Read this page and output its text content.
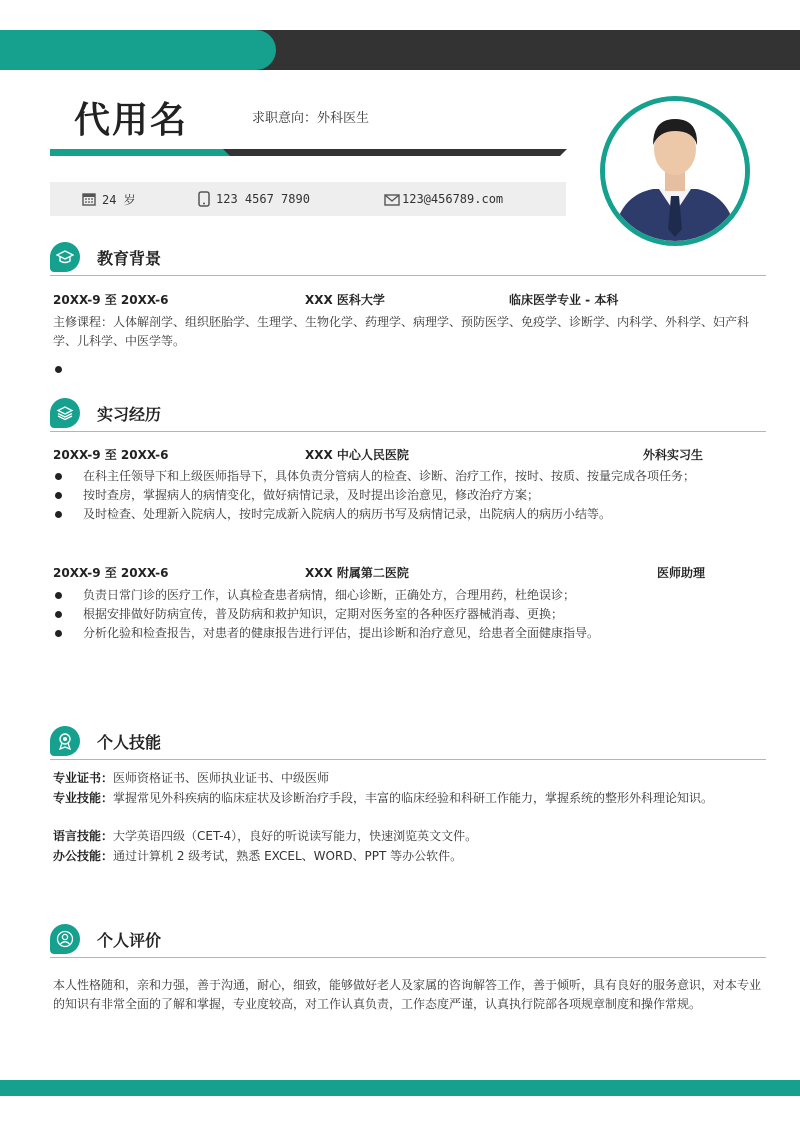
代用名	求职意向：外科医生
24 岁	123 4567 7890	123@456789.com
教育背景
20XX-9 至 20XX-6	XXX 医科大学	临床医学专业 - 本科
主修课程：人体解剖学、组织胚胎学、生理学、生物化学、药理学、病理学、预防医学、免疫学、诊断学、内科学、外科学、妇产科学、儿科学、中医学等。
实习经历
20XX-9 至 20XX-6	XXX 中心人民医院	外科实习生
在科主任领导下和上级医师指导下，具体负责分管病人的检查、诊断、治疗工作，按时、按质、按量完成各项任务；
按时查房，掌握病人的病情变化，做好病情记录，及时提出诊治意见，修改治疗方案；
及时检查、处理新入院病人，按时完成新入院病人的病历书写及病情记录，出院病人的病历小结等。
20XX-9 至 20XX-6	XXX 附属第二医院	医师助理
负责日常门诊的医疗工作，认真检查患者病情，细心诊断，正确处方，合理用药，杜绝误诊；
根据安排做好防病宣传，普及防病和救护知识，定期对医务室的各种医疗器械消毒、更换；
分析化验和检查报告，对患者的健康报告进行评估，提出诊断和治疗意见，给患者全面健康指导。
个人技能
专业证书： 医师资格证书、医师执业证书、中级医师
专业技能： 掌握常见外科疾病的临床症状及诊断治疗手段，丰富的临床经验和科研工作能力，掌握系统的整形外科理论知识。
语言技能： 大学英语四级（CET-4），良好的听说读写能力，快速浏览英文文件。
办公技能： 通过计算机 2 级考试，熟悉 EXCEL、WORD、PPT 等办公软件。
个人评价
本人性格随和，亲和力强，善于沟通，耐心，细致，能够做好老人及家属的咨询解答工作，善于倾听，具有良好的服务意识，对本专业的知识有非常全面的了解和掌握，专业度较高，对工作认真负责，工作态度严谨，认真执行院部各项规章制度和操作常规。
